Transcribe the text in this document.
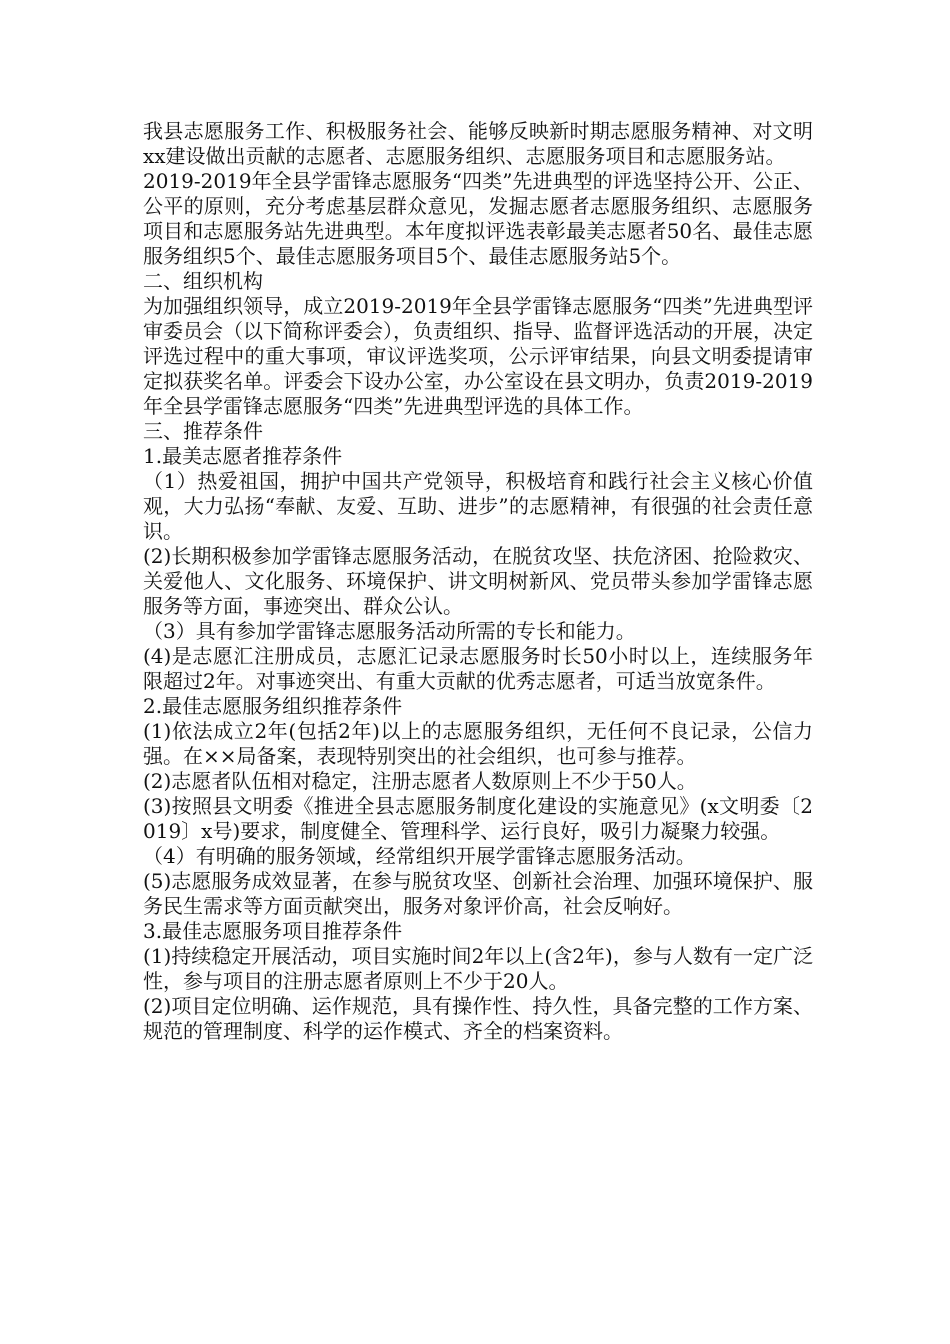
我县志愿服务工作、积极服务社会、能够反映新时期志愿服务精神、对文明xx建设做出贡献的志愿者、志愿服务组织、志愿服务项目和志愿服务站。

2019-2019年全县学雷锋志愿服务“四类”先进典型的评选坚持公开、公正、公平的原则，充分考虑基层群众意见，发掘志愿者志愿服务组织、志愿服务项目和志愿服务站先进典型。本年度拟评选表彰最美志愿者50名、最佳志愿服务组织5个、最佳志愿服务项目5个、最佳志愿服务站5个。

二、组织机构

为加强组织领导，成立2019-2019年全县学雷锋志愿服务“四类”先进典型评审委员会（以下简称评委会），负责组织、指导、监督评选活动的开展，决定评选过程中的重大事项，审议评选奖项，公示评审结果，向县文明委提请审定拟获奖名单。评委会下设办公室，办公室设在县文明办，负责2019-2019年全县学雷锋志愿服务“四类”先进典型评选的具体工作。

三、推荐条件

1.最美志愿者推荐条件

（1）热爱祖国，拥护中国共产党领导，积极培育和践行社会主义核心价值观，大力弘扬“奉献、友爱、互助、进步”的志愿精神，有很强的社会责任意识。

(2)长期积极参加学雷锋志愿服务活动，在脱贫攻坚、扶危济困、抢险救灾、关爱他人、文化服务、环境保护、讲文明树新风、党员带头参加学雷锋志愿服务等方面，事迹突出、群众公认。

（3）具有参加学雷锋志愿服务活动所需的专长和能力。

(4)是志愿汇注册成员，志愿汇记录志愿服务时长50小时以上，连续服务年限超过2年。对事迹突出、有重大贡献的优秀志愿者，可适当放宽条件。

2.最佳志愿服务组织推荐条件

(1)依法成立2年(包括2年)以上的志愿服务组织，无任何不良记录，公信力强。在××局备案，表现特别突出的社会组织，也可参与推荐。

(2)志愿者队伍相对稳定，注册志愿者人数原则上不少于50人。

(3)按照县文明委《推进全县志愿服务制度化建设的实施意见》(x文明委〔2019〕x号)要求，制度健全、管理科学、运行良好，吸引力凝聚力较强。

（4）有明确的服务领域，经常组织开展学雷锋志愿服务活动。

(5)志愿服务成效显著，在参与脱贫攻坚、创新社会治理、加强环境保护、服务民生需求等方面贡献突出，服务对象评价高，社会反响好。

3.最佳志愿服务项目推荐条件

(1)持续稳定开展活动，项目实施时间2年以上(含2年)，参与人数有一定广泛性，参与项目的注册志愿者原则上不少于20人。

(2)项目定位明确、运作规范，具有操作性、持久性，具备完整的工作方案、规范的管理制度、科学的运作模式、齐全的档案资料。
